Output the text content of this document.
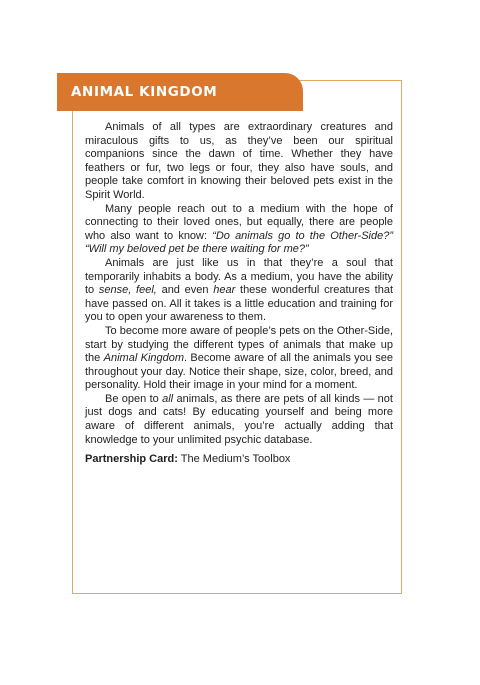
ANIMAL KINGDOM

Animals of all types are extraordinary creatures and miraculous gifts to us, as they’ve been our spiritual companions since the dawn of time. Whether they have feathers or fur, two legs or four, they also have souls, and people take comfort in knowing their beloved pets exist in the Spirit World.

Many people reach out to a medium with the hope of connecting to their loved ones, but equally, there are people who also want to know: “Do animals go to the Other-Side?” “Will my beloved pet be there waiting for me?”

Animals are just like us in that they’re a soul that temporarily inhabits a body. As a medium, you have the ability to sense, feel, and even hear these wonderful creatures that have passed on. All it takes is a little education and training for you to open your awareness to them.

To become more aware of people’s pets on the Other-Side, start by studying the different types of animals that make up the Animal Kingdom. Become aware of all the animals you see throughout your day. Notice their shape, size, color, breed, and personality. Hold their image in your mind for a moment.

Be open to all animals, as there are pets of all kinds — not just dogs and cats! By educating yourself and being more aware of different animals, you’re actually adding that knowledge to your unlimited psychic database.

Partnership Card: The Medium’s Toolbox
